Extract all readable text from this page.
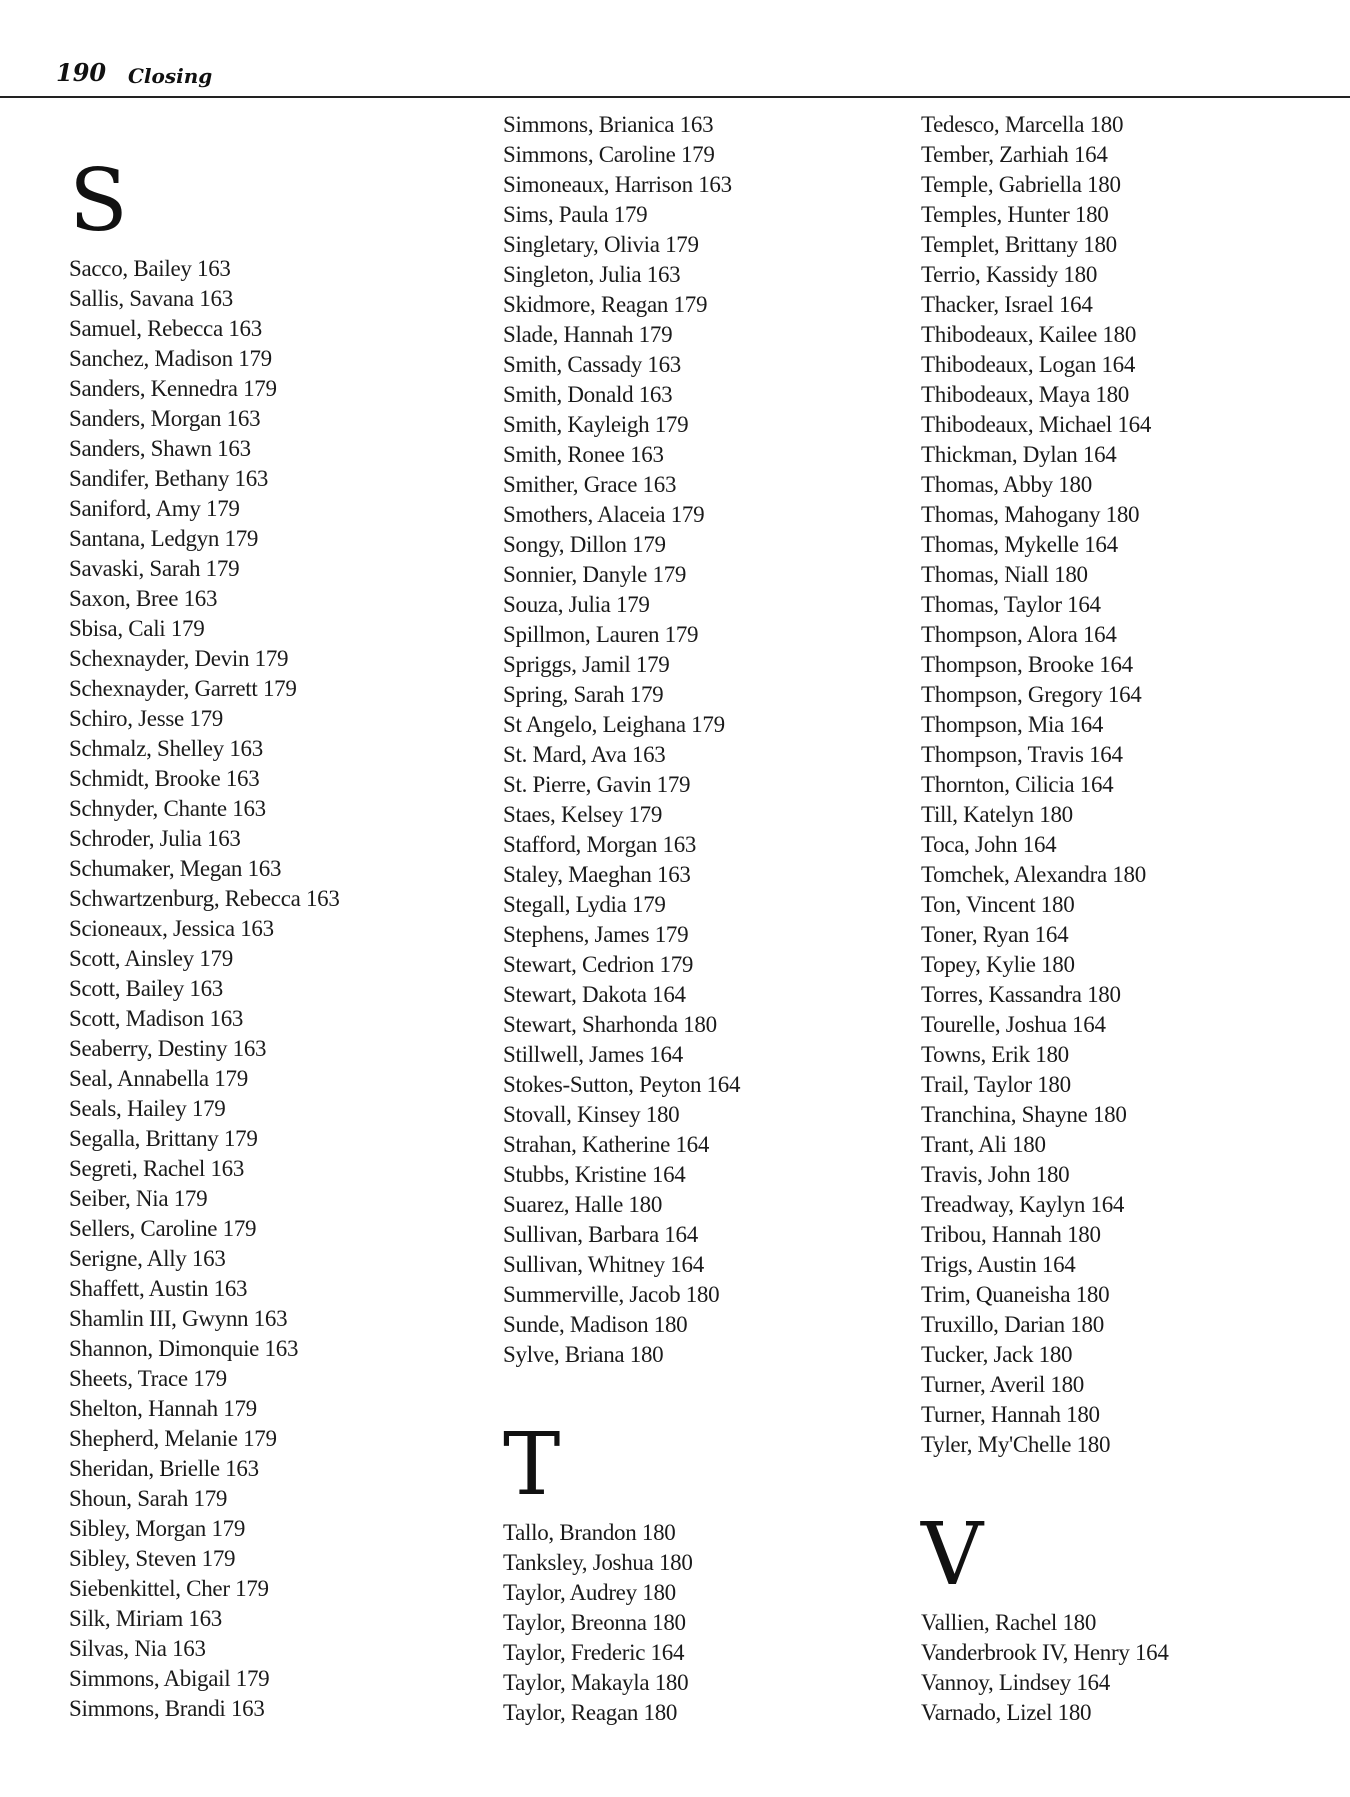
190 Closing
S
Sacco, Bailey 163
Sallis, Savana 163
Samuel, Rebecca 163
Sanchez, Madison 179
Sanders, Kennedra 179
Sanders, Morgan 163
Sanders, Shawn 163
Sandifer, Bethany 163
Saniford, Amy 179
Santana, Ledgyn 179
Savaski, Sarah 179
Saxon, Bree 163
Sbisa, Cali 179
Schexnayder, Devin 179
Schexnayder, Garrett 179
Schiro, Jesse 179
Schmalz, Shelley 163
Schmidt, Brooke 163
Schnyder, Chante 163
Schroder, Julia 163
Schumaker, Megan 163
Schwartzenburg, Rebecca 163
Scioneaux, Jessica 163
Scott, Ainsley 179
Scott, Bailey 163
Scott, Madison 163
Seaberry, Destiny 163
Seal, Annabella 179
Seals, Hailey 179
Segalla, Brittany 179
Segreti, Rachel 163
Seiber, Nia 179
Sellers, Caroline 179
Serigne, Ally 163
Shaffett, Austin 163
Shamlin III, Gwynn 163
Shannon, Dimonquie 163
Sheets, Trace 179
Shelton, Hannah 179
Shepherd, Melanie 179
Sheridan, Brielle 163
Shoun, Sarah 179
Sibley, Morgan 179
Sibley, Steven 179
Siebenkittel, Cher 179
Silk, Miriam 163
Silvas, Nia 163
Simmons, Abigail 179
Simmons, Brandi 163
Simmons, Brianica 163
Simmons, Caroline 179
Simoneaux, Harrison 163
Sims, Paula 179
Singletary, Olivia 179
Singleton, Julia 163
Skidmore, Reagan 179
Slade, Hannah 179
Smith, Cassady 163
Smith, Donald 163
Smith, Kayleigh 179
Smith, Ronee 163
Smither, Grace 163
Smothers, Alaceia 179
Songy, Dillon 179
Sonnier, Danyle 179
Souza, Julia 179
Spillmon, Lauren 179
Spriggs, Jamil 179
Spring, Sarah 179
St Angelo, Leighana 179
St. Mard, Ava 163
St. Pierre, Gavin 179
Staes, Kelsey 179
Stafford, Morgan 163
Staley, Maeghan 163
Stegall, Lydia 179
Stephens, James 179
Stewart, Cedrion 179
Stewart, Dakota 164
Stewart, Sharhonda 180
Stillwell, James 164
Stokes-Sutton, Peyton 164
Stovall, Kinsey 180
Strahan, Katherine 164
Stubbs, Kristine 164
Suarez, Halle 180
Sullivan, Barbara 164
Sullivan, Whitney 164
Summerville, Jacob 180
Sunde, Madison 180
Sylve, Briana 180
T
Tallo, Brandon 180
Tanksley, Joshua 180
Taylor, Audrey 180
Taylor, Breonna 180
Taylor, Frederic 164
Taylor, Makayla 180
Taylor, Reagan 180
Tedesco, Marcella 180
Tember, Zarhiah 164
Temple, Gabriella 180
Temples, Hunter 180
Templet, Brittany 180
Terrio, Kassidy 180
Thacker, Israel 164
Thibodeaux, Kailee 180
Thibodeaux, Logan 164
Thibodeaux, Maya 180
Thibodeaux, Michael 164
Thickman, Dylan 164
Thomas, Abby 180
Thomas, Mahogany 180
Thomas, Mykelle 164
Thomas, Niall 180
Thomas, Taylor 164
Thompson, Alora 164
Thompson, Brooke 164
Thompson, Gregory 164
Thompson, Mia 164
Thompson, Travis 164
Thornton, Cilicia 164
Till, Katelyn 180
Toca, John 164
Tomchek, Alexandra 180
Ton, Vincent 180
Toner, Ryan 164
Topey, Kylie 180
Torres, Kassandra 180
Tourelle, Joshua 164
Towns, Erik 180
Trail, Taylor 180
Tranchina, Shayne 180
Trant, Ali 180
Travis, John 180
Treadway, Kaylyn 164
Tribou, Hannah 180
Trigs, Austin 164
Trim, Quaneisha 180
Truxillo, Darian 180
Tucker, Jack 180
Turner, Averil 180
Turner, Hannah 180
Tyler, My'Chelle 180
V
Vallien, Rachel 180
Vanderbrook IV, Henry 164
Vannoy, Lindsey 164
Varnado, Lizel 180
